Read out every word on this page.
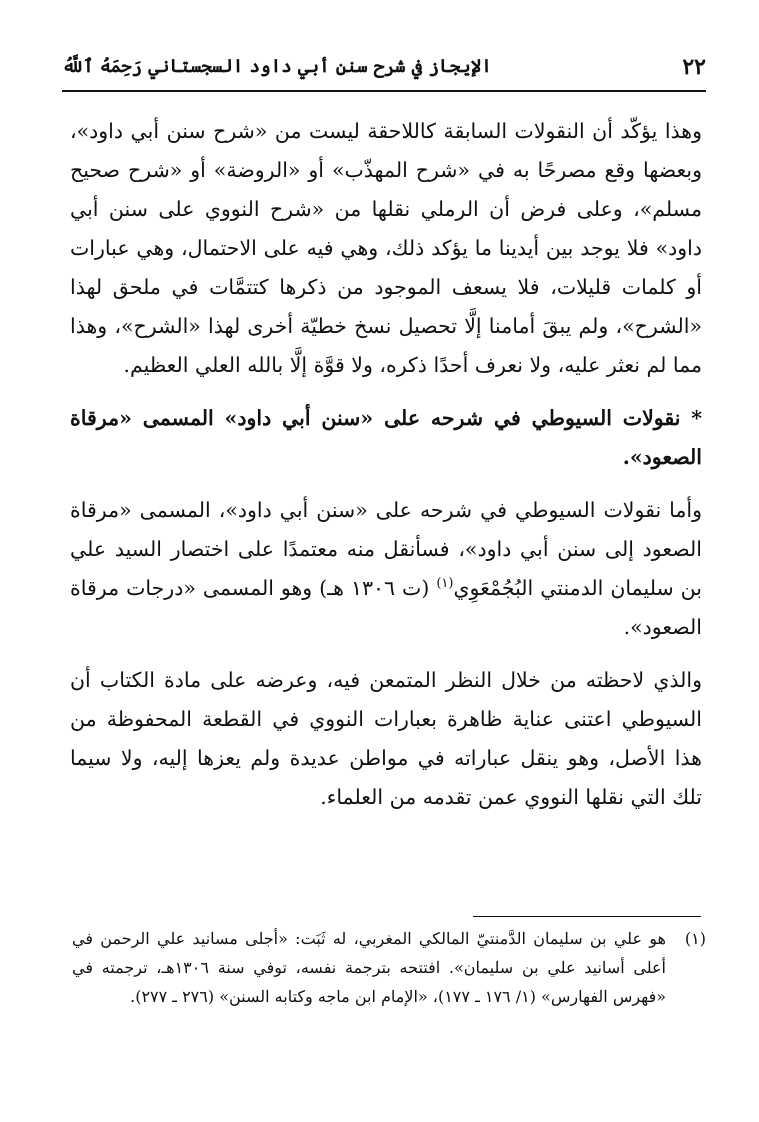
٢٢
الإيجاز في شرح سنن أبي داود السجستاني رَحِمَهُ ٱللَّهُ

وهذا يؤكّد أن النقولات السابقة كاللاحقة ليست من «شرح سنن أبي داود»، وبعضها وقع مصرحًا به في «شرح المهذّب» أو «الروضة» أو «شرح صحيح مسلم»، وعلى فرض أن الرملي نقلها من «شرح النووي على سنن أبي داود» فلا يوجد بين أيدينا ما يؤكد ذلك، وهي فيه على الاحتمال، وهي عبارات أو كلمات قليلات، فلا يسعف الموجود من ذكرها كتتمَّات في ملحق لهذا «الشرح»، ولم يبقَ أمامنا إلَّا تحصيل نسخ خطيّة أخرى لهذا «الشرح»، وهذا مما لم نعثر عليه، ولا نعرف أحدًا ذكره، ولا قوَّة إلَّا بالله العلي العظيم.

* نقولات السيوطي في شرحه على «سنن أبي داود» المسمى «مرقاة الصعود».

وأما نقولات السيوطي في شرحه على «سنن أبي داود»، المسمى «مرقاة الصعود إلى سنن أبي داود»، فسأنقل منه معتمدًا على اختصار السيد علي بن سليمان الدمنتي البُجُمْعَوِي$^{(١)}$ (ت ١٣٠٦ هـ) وهو المسمى «درجات مرقاة الصعود».

والذي لاحظته من خلال النظر المتمعن فيه، وعرضه على مادة الكتاب أن السيوطي اعتنى عناية ظاهرة بعبارات النووي في القطعة المحفوظة من هذا الأصل، وهو ينقل عباراته في مواطن عديدة ولم يعزها إليه، ولا سيما تلك التي نقلها النووي عمن تقدمه من العلماء.

(١)
هو علي بن سليمان الدَّمنتيّ المالكي المغربي، له ثَبَت: «أجلى مسانيد علي الرحمن في أعلى أسانيد علي بن سليمان». افتتحه بترجمة نفسه، توفي سنة ١٣٠٦هـ، ترجمته في «فهرس الفهارس» (١/ ١٧٦ ـ ١٧٧)، «الإمام ابن ماجه وكتابه السنن» (٢٧٦ ـ ٢٧٧).
